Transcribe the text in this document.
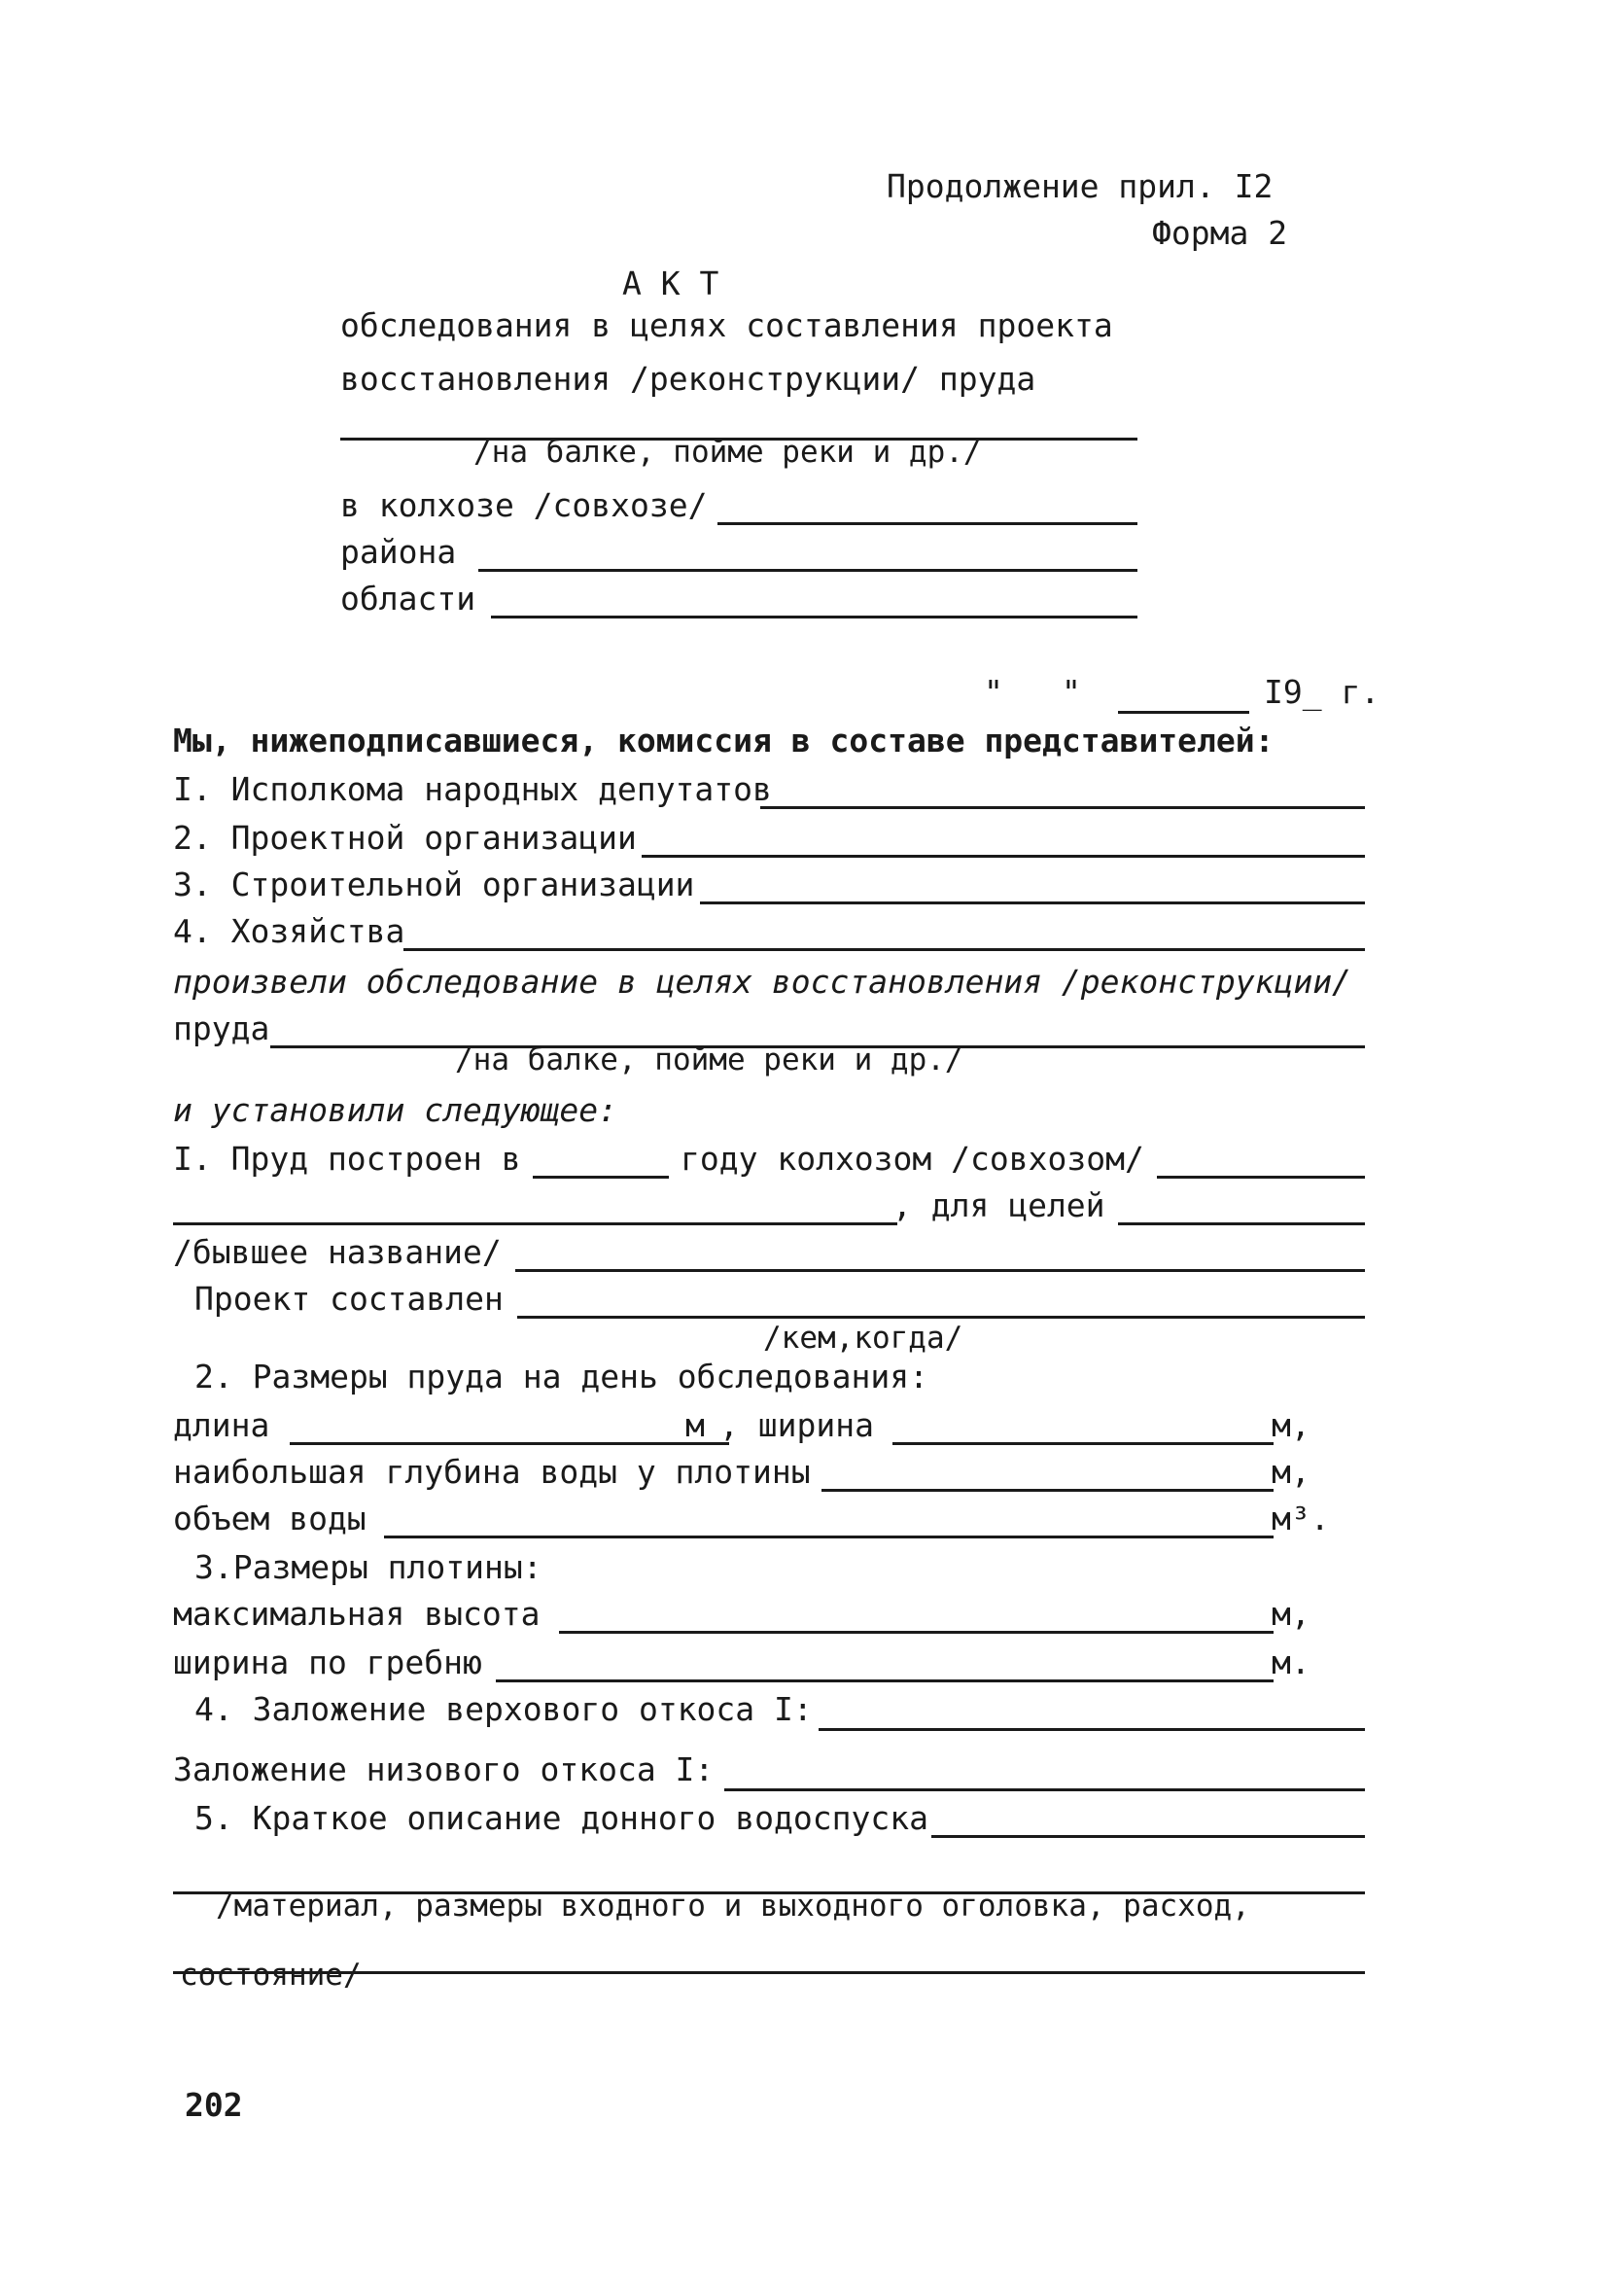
Продолжение прил. I2
Форма 2
А К Т
обследования в целях составления проекта
восстановления /реконструкции/ пруда
/на балке, пойме реки и др./
в колхозе /совхозе/
района
области
" "	I9_ г.
Мы, нижеподписавшиеся, комиссия в составе представителей:
I. Исполкома народных депутатов
2. Проектной организации
3. Строительной организации
4. Хозяйства
произвели обследование в целях восстановления /реконструкции/
пруда
/на балке, пойме реки и др./
и установили следующее:
I. Пруд построен в	году колхозом /совхозом/
, для целей
/бывшее название/
Проект составлен
/кем,когда/
2. Размеры пруда на день обследования:
длина	м , ширина	м,
наибольшая глубина воды у плотины	м,
объем воды	м³.
3.Размеры плотины:
максимальная высота	м,
ширина по гребню	м.
4. Заложение верхового откоса I:
Заложение низового откоса I:
5. Краткое описание донного водоспуска
/материал, размеры входного и выходного оголовка, расход,
состояние/
202
